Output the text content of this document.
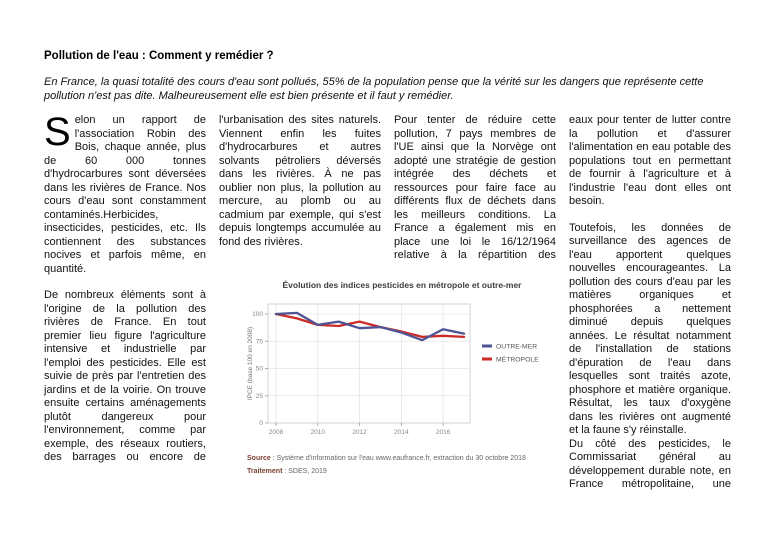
Pollution de l'eau : Comment y remédier ?
En France, la quasi totalité des cours d'eau sont pollués, 55% de la population pense que la vérité sur les dangers que représente cette pollution n'est pas dite. Malheureusement elle est bien présente et il faut y remédier.

Selon un rapport de l'association Robin des Bois, chaque année, plus de 60 000 tonnes d'hydrocarbures sont déversées dans les rivières de France. Nos cours d'eau sont constamment contaminés.Herbicides, insecticides, pesticides, etc. Ils contiennent des substances nocives et parfois même, en quantité.

De nombreux éléments sont à l'origine de la pollution des rivières de France. En tout premier lieu figure l'agriculture intensive et industrielle par l'emploi des pesticides. Elle est suivie de près par l'entretien des jardins et de la voirie. On trouve ensuite certains aménagements plutôt dangereux pour l'environnement, comme par exemple, des réseaux routiers, des barrages ou encore de

l'urbanisation des sites naturels. Viennent enfin les fuites d'hydrocarbures et autres solvants pétroliers déversés dans les rivières. À ne pas oublier non plus, la pollution au mercure, au plomb ou au cadmium par exemple, qui s'est depuis longtemps accumulée au fond des rivières.

Pour tenter de réduire cette pollution, 7 pays membres de l'UE ainsi que la Norvège ont adopté une stratégie de gestion intégrée des déchets et ressources pour faire face au différents flux de déchets dans les meilleurs conditions. La France a également mis en place une loi le 16/12/1964 relative à la répartition des

eaux pour tenter de lutter contre la pollution et d'assurer l'alimentation en eau potable des populations tout en permettant de fournir à l'agriculture et à l'industrie l'eau dont elles ont besoin.

Toutefois, les données de surveillance des agences de l'eau apportent quelques nouvelles encourageantes. La pollution des cours d'eau par les matières organiques et phosphorées a nettement diminué depuis quelques années. Le résultat notamment de l'installation de stations d'épuration de l'eau dans lesquelles sont traités azote, phosphore et matière organique. Résultat, les taux d'oxygène dans les rivières ont augmenté et la faune s'y réinstalle.

Du côté des pesticides, le Commissariat général au développement durable note, en France métropolitaine, une

0
25
50
75
100
2008	2010	2012	2014	2016
OUTRE-MER
MÉTROPOLE
IPCE (base 100 en 2008)
Évolution des indices pesticides en métropole et outre-mer
Source : Système d'information sur l'eau www.eaufrance.fr, extraction du 30 octobre 2018
Traitement : SDES, 2019
